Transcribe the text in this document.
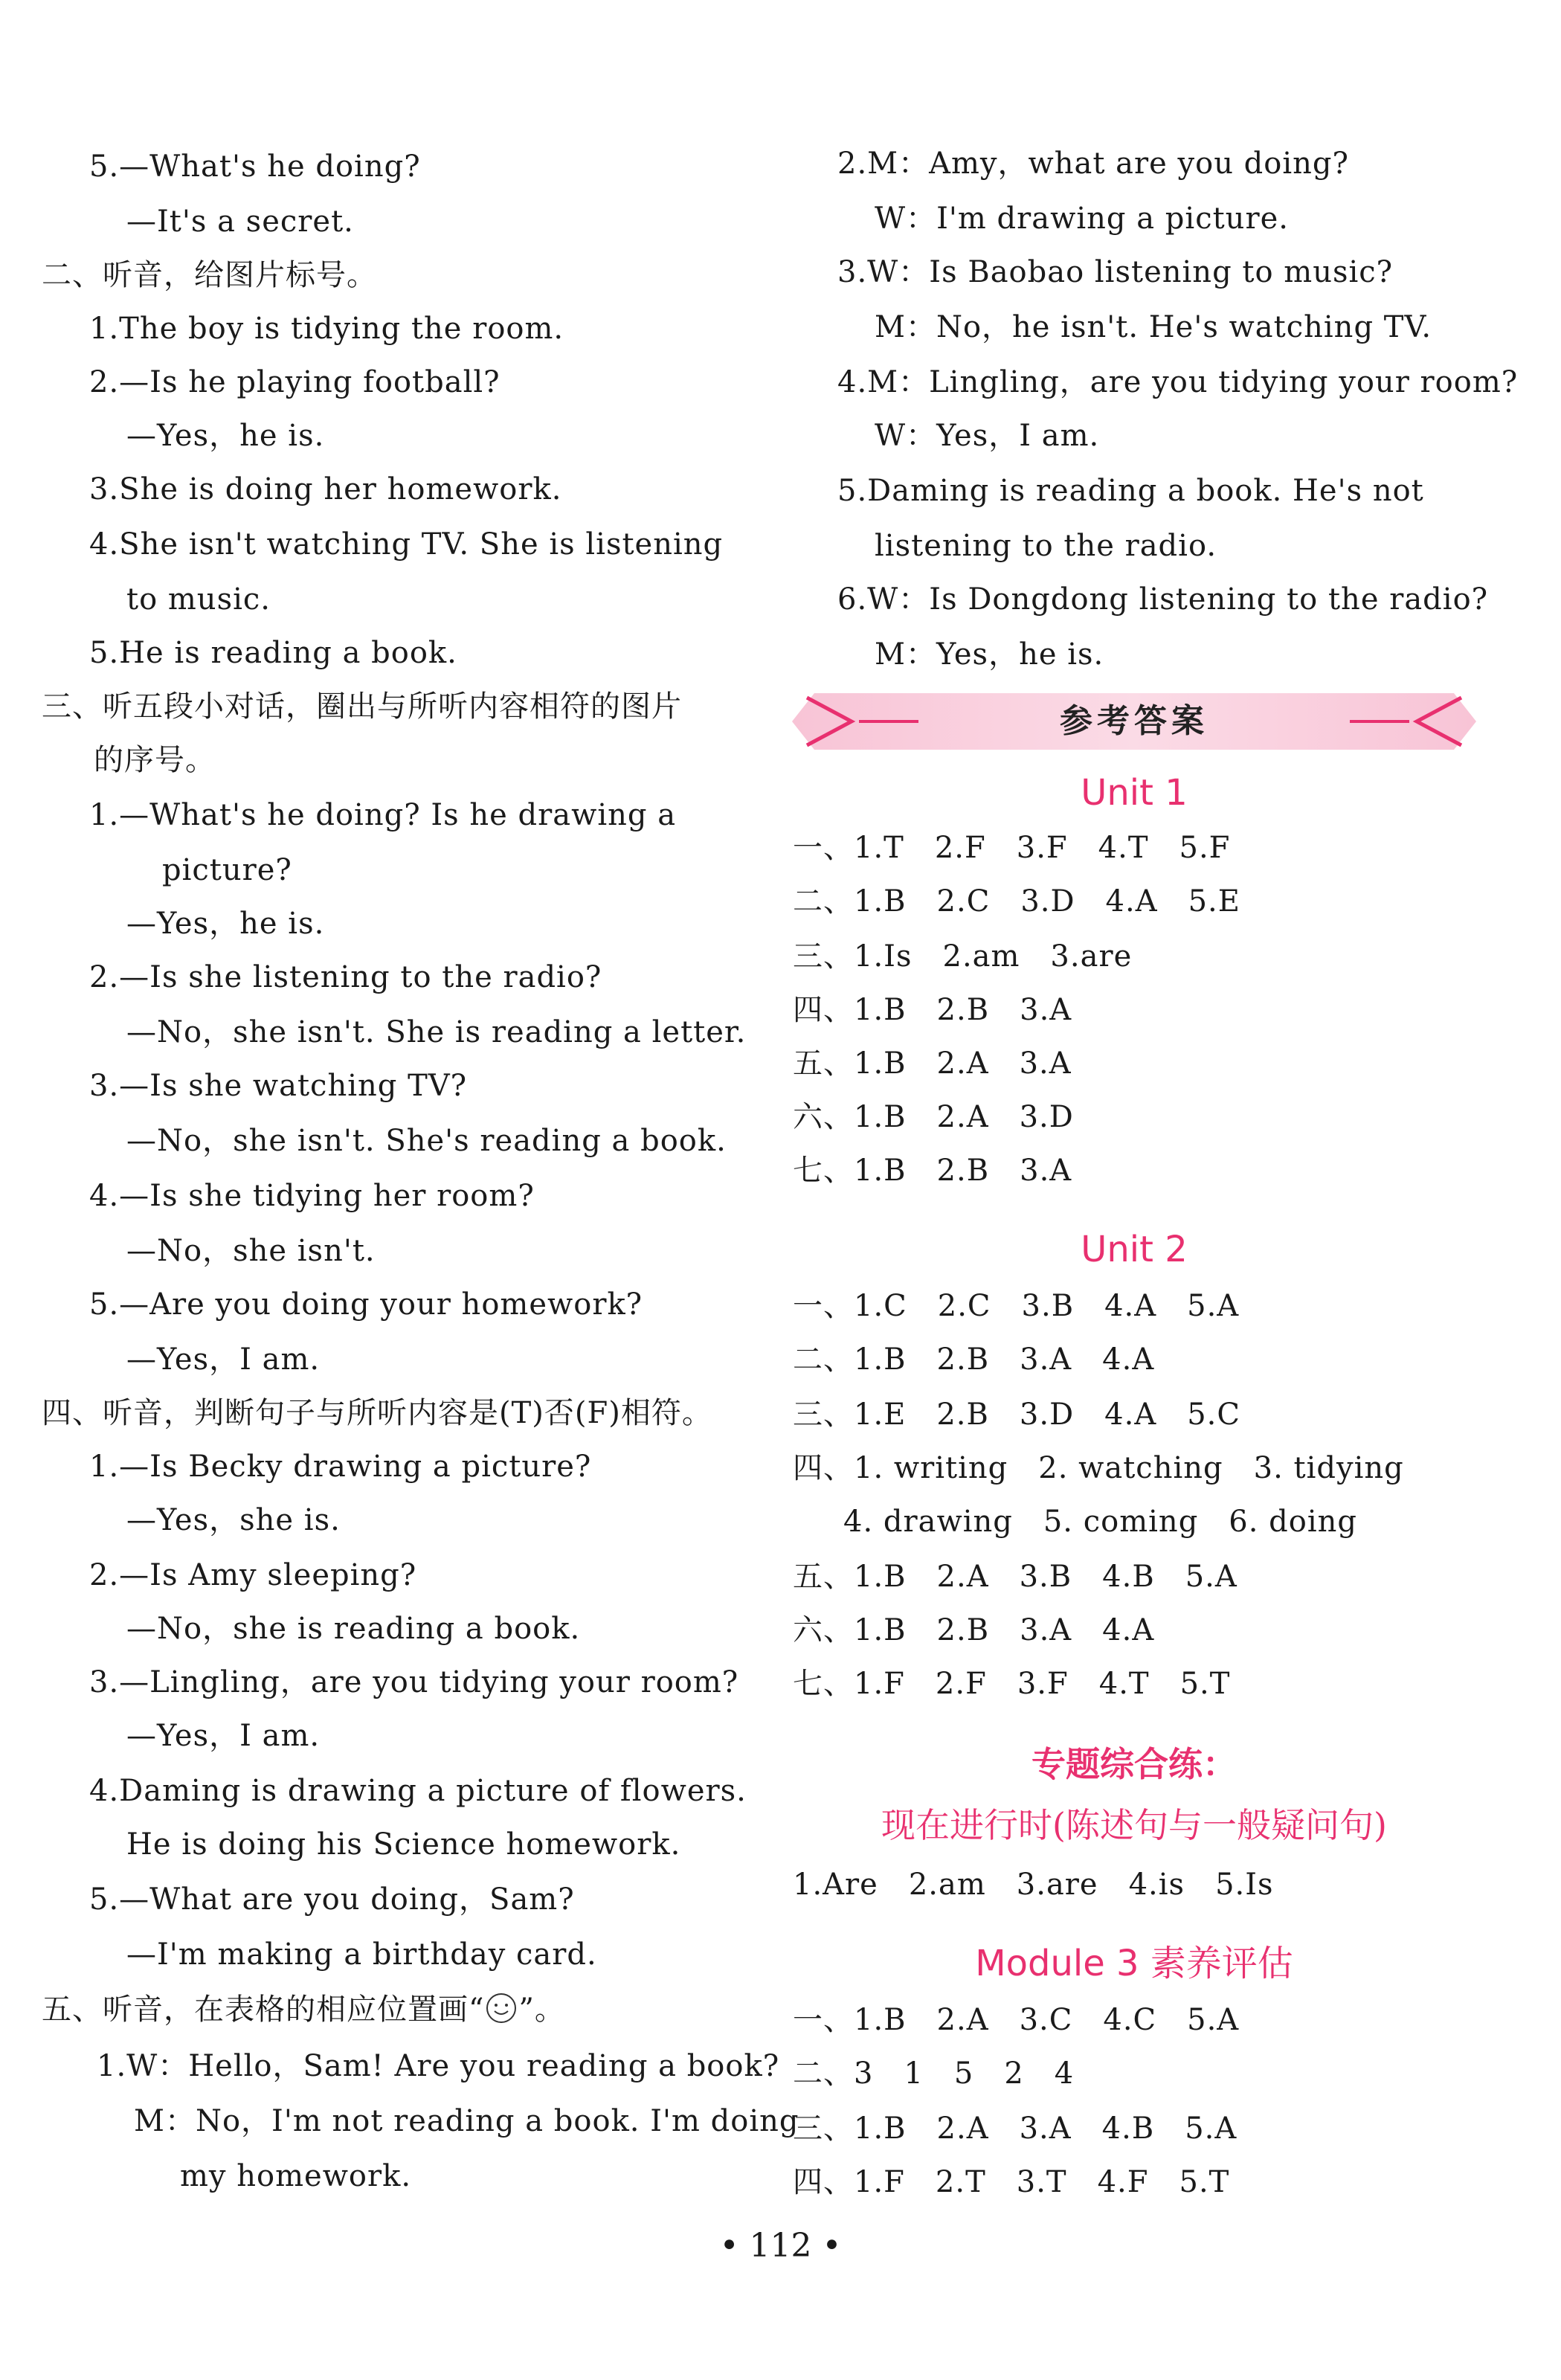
5.—What's he doing?
—It's a secret.
二、听音，给图片标号。
1.The boy is tidying the room.
2.—Is he playing football?
—Yes，he is.
3.She is doing her homework.
4.She isn't watching TV. She is listening
to music.
5.He is reading a book.
三、听五段小对话，圈出与所听内容相符的图片
的序号。
1.—What's he doing? Is he drawing a
picture?
—Yes，he is.
2.—Is she listening to the radio?
—No，she isn't. She is reading a letter.
3.—Is she watching TV?
—No，she isn't. She's reading a book.
4.—Is she tidying her room?
—No，she isn't.
5.—Are you doing your homework?
—Yes，I am.
四、听音，判断句子与所听内容是(T)否(F)相符。
1.—Is Becky drawing a picture?
—Yes，she is.
2.—Is Amy sleeping?
—No，she is reading a book.
3.—Lingling，are you tidying your room?
—Yes，I am.
4.Daming is drawing a picture of flowers.
He is doing his Science homework.
5.—What are you doing，Sam?
—I'm making a birthday card.
五、听音，在表格的相应位置画“ ”。
1.W：Hello，Sam! Are you reading a book?
M：No，I'm not reading a book. I'm doing
my homework.
2.M：Amy，what are you doing?
W：I'm drawing a picture.
3.W：Is Baobao listening to music?
M：No，he isn't. He's watching TV.
4.M：Lingling，are you tidying your room?
W：Yes，I am.
5.Daming is reading a book. He's not
listening to the radio.
6.W：Is Dongdong listening to the radio?
M：Yes，he is.
参考答案
Unit 1
一、1.T　2.F　3.F　4.T　5.F
二、1.B　2.C　3.D　4.A　5.E
三、1.Is　2.am　3.are
四、1.B　2.B　3.A
五、1.B　2.A　3.A
六、1.B　2.A　3.D
七、1.B　2.B　3.A
Unit 2
一、1.C　2.C　3.B　4.A　5.A
二、1.B　2.B　3.A　4.A
三、1.E　2.B　3.D　4.A　5.C
四、1. writing　2. watching　3. tidying
4. drawing　5. coming　6. doing
五、1.B　2.A　3.B　4.B　5.A
六、1.B　2.B　3.A　4.A
七、1.F　2.F　3.F　4.T　5.T
专题综合练：
现在进行时(陈述句与一般疑问句)
1.Are　2.am　3.are　4.is　5.Is
Module 3 素养评估
一、1.B　2.A　3.C　4.C　5.A
二、3　1　5　2　4
三、1.B　2.A　3.A　4.B　5.A
四、1.F　2.T　3.T　4.F　5.T
• 112 •
